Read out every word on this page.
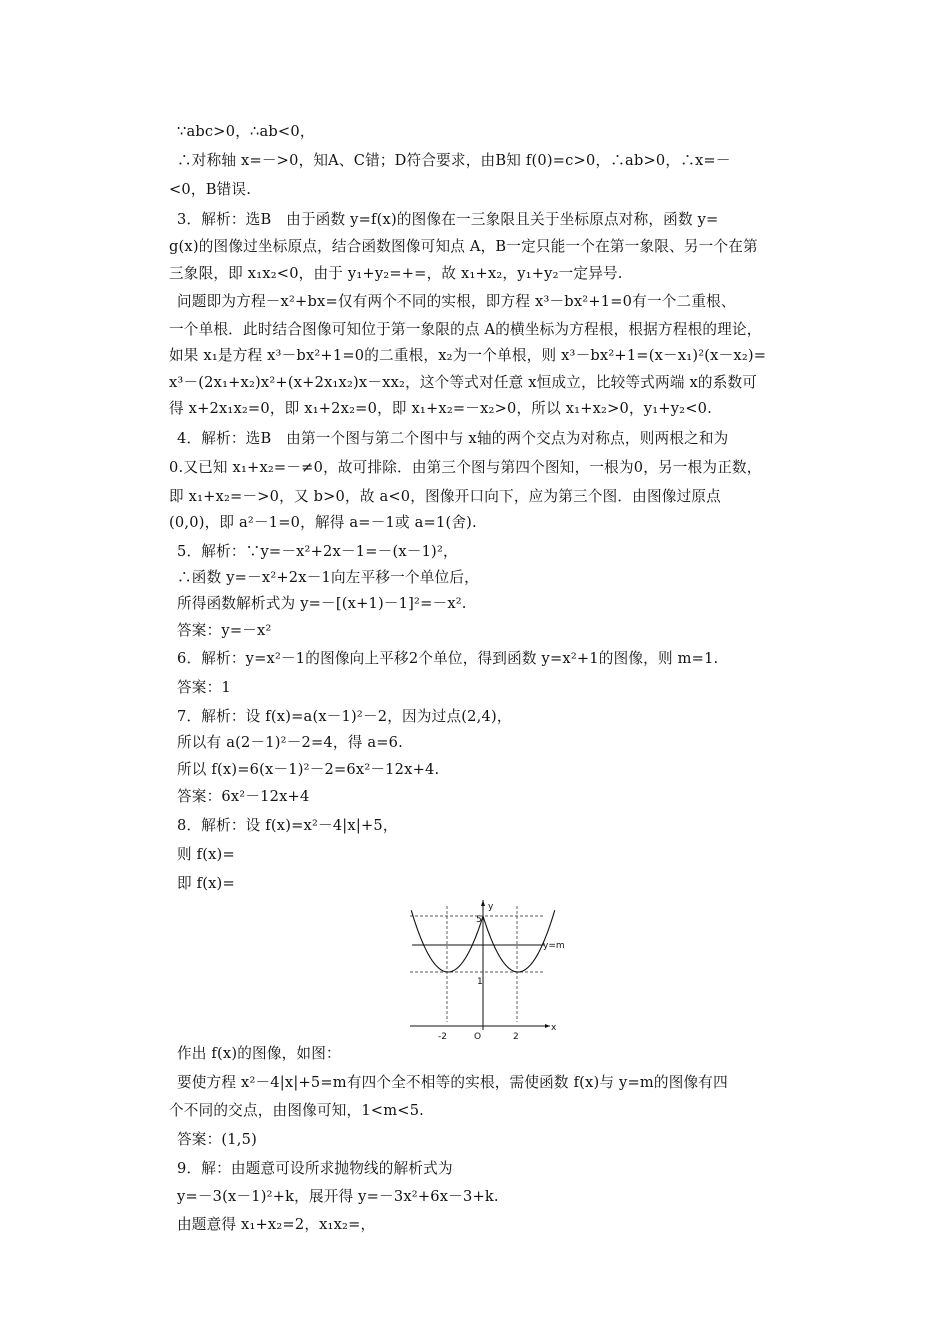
∵abc>0，∴ab<0，
∴对称轴 x=－>0，知A、C错；D符合要求，由B知 f(0)=c>0，∴ab>0，∴x=－
<0，B错误.
3．解析：选B　由于函数 y=f(x)的图像在一三象限且关于坐标原点对称，函数 y=
g(x)的图像过坐标原点，结合函数图像可知点 A，B一定只能一个在第一象限、另一个在第
三象限，即 x₁x₂<0，由于 y₁+y₂=+=，故 x₁+x₂，y₁+y₂一定异号.
问题即为方程－x²+bx=仅有两个不同的实根，即方程 x³－bx²+1=0有一个二重根、
一个单根．此时结合图像可知位于第一象限的点 A的横坐标为方程根，根据方程根的理论，
如果 x₁是方程 x³－bx²+1=0的二重根，x₂为一个单根，则 x³－bx²+1=(x－x₁)²(x－x₂)=
x³－(2x₁+x₂)x²+(x+2x₁x₂)x－xx₂，这个等式对任意 x恒成立，比较等式两端 x的系数可
得 x+2x₁x₂=0，即 x₁+2x₂=0，即 x₁+x₂=－x₂>0，所以 x₁+x₂>0，y₁+y₂<0.
4．解析：选B　由第一个图与第二个图中与 x轴的两个交点为对称点，则两根之和为
0.又已知 x₁+x₂=－≠0，故可排除．由第三个图与第四个图知，一根为0，另一根为正数，
即 x₁+x₂=－>0，又 b>0，故 a<0，图像开口向下，应为第三个图．由图像过原点
(0,0)，即 a²－1=0，解得 a=－1或 a=1(舍).
5．解析：∵y=－x²+2x－1=－(x－1)²，
∴函数 y=－x²+2x－1向左平移一个单位后，
所得函数解析式为 y=－[(x+1)－1]²=－x².
答案：y=－x²
6．解析：y=x²－1的图像向上平移2个单位，得到函数 y=x²+1的图像，则 m=1.
答案：1
7．解析：设 f(x)=a(x－1)²－2，因为过点(2,4)，
所以有 a(2－1)²－2=4，得 a=6.
所以 f(x)=6(x－1)²－2=6x²－12x+4.
答案：6x²－12x+4
8．解析：设 f(x)=x²－4|x|+5，
则 f(x)=
即 f(x)=
y
x
5
y=m
1
-2	O	2
作出 f(x)的图像，如图：
要使方程 x²－4|x|+5=m有四个全不相等的实根，需使函数 f(x)与 y=m的图像有四
个不同的交点，由图像可知，1<m<5.
答案：(1,5)
9．解：由题意可设所求抛物线的解析式为
y=－3(x－1)²+k，展开得 y=－3x²+6x－3+k.
由题意得 x₁+x₂=2，x₁x₂=，
